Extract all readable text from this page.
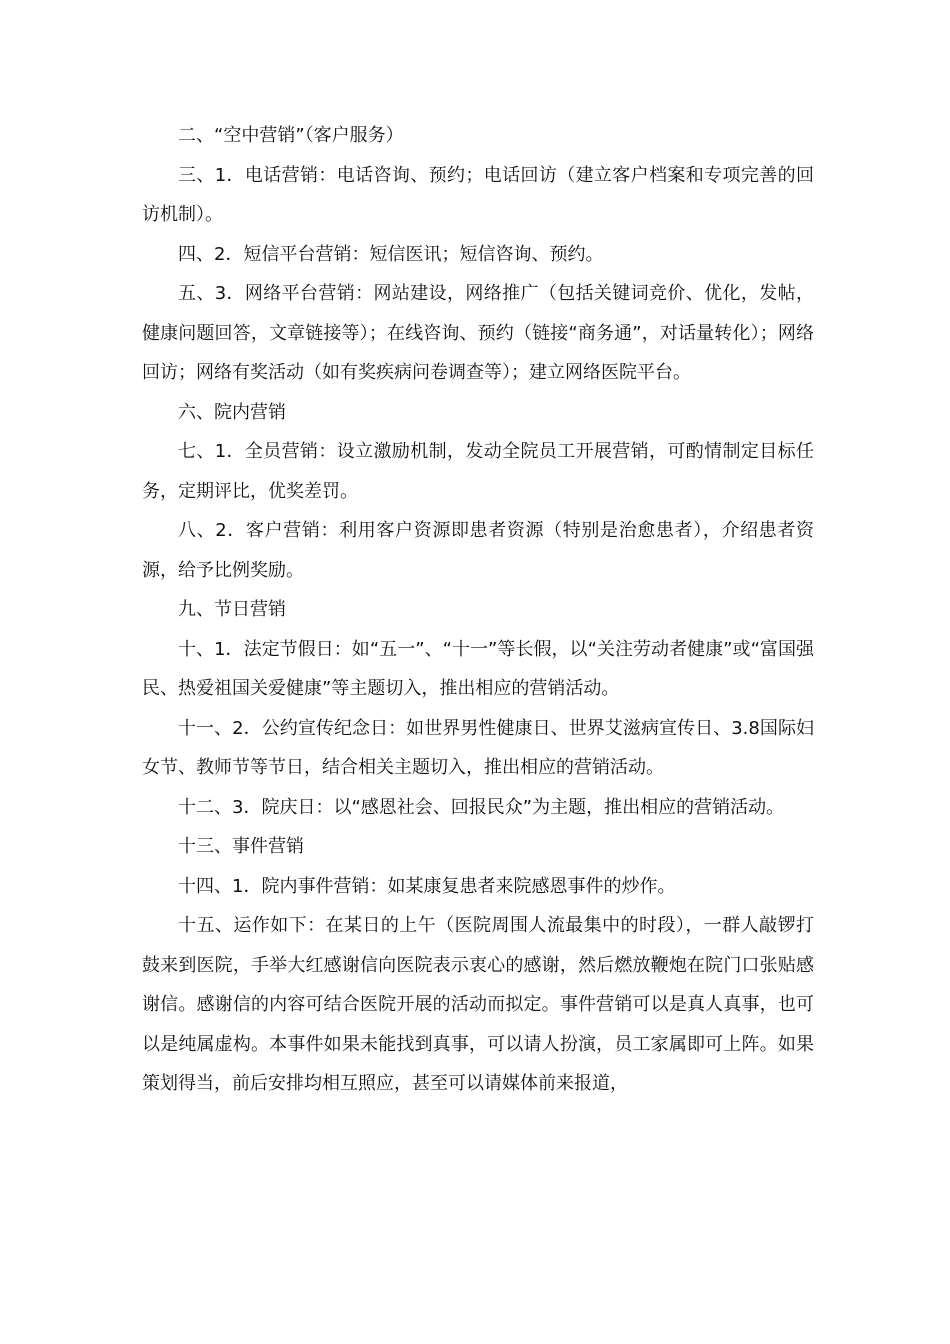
二、“空中营销”（客户服务）

三、1．电话营销：电话咨询、预约；电话回访（建立客户档案和专项完善的回访机制）。

四、2．短信平台营销：短信医讯；短信咨询、预约。

五、3．网络平台营销：网站建设，网络推广（包括关键词竞价、优化，发帖，健康问题回答，文章链接等）；在线咨询、预约（链接“商务通”，对话量转化）；网络回访；网络有奖活动（如有奖疾病问卷调查等）；建立网络医院平台。

六、院内营销

七、1．全员营销：设立激励机制，发动全院员工开展营销，可酌情制定目标任务，定期评比，优奖差罚。

八、2．客户营销：利用客户资源即患者资源（特别是治愈患者），介绍患者资源，给予比例奖励。

九、节日营销

十、1．法定节假日：如“五一”、“十一”等长假，以“关注劳动者健康”或“富国强民、热爱祖国关爱健康”等主题切入，推出相应的营销活动。

十一、2．公约宣传纪念日：如世界男性健康日、世界艾滋病宣传日、3.8国际妇女节、教师节等节日，结合相关主题切入，推出相应的营销活动。

十二、3．院庆日：以“感恩社会、回报民众”为主题，推出相应的营销活动。

十三、事件营销

十四、1．院内事件营销：如某康复患者来院感恩事件的炒作。

十五、运作如下：在某日的上午（医院周围人流最集中的时段），一群人敲锣打鼓来到医院，手举大红感谢信向医院表示衷心的感谢，然后燃放鞭炮在院门口张贴感谢信。感谢信的内容可结合医院开展的活动而拟定。事件营销可以是真人真事，也可以是纯属虚构。本事件如果未能找到真事，可以请人扮演，员工家属即可上阵。如果策划得当，前后安排均相互照应，甚至可以请媒体前来报道，
